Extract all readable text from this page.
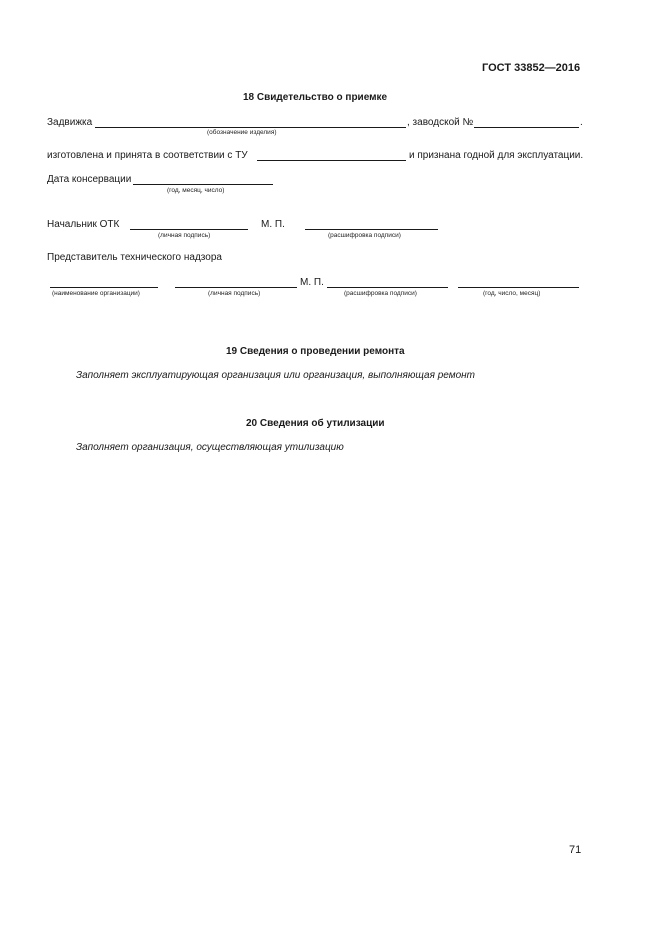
ГОСТ 33852—2016
18 Свидетельство о приемке
Задвижка	, заводской №	.
(обозначение изделия)
изготовлена и принята в соответствии с ТУ	и признана годной для эксплуатации.
Дата консервации
(год, месяц, число)
Начальник ОТК	М. П.
(личная подпись)	(расшифровка подписи)
Представитель технического надзора
М. П.
(наименование организации)	(личная подпись)	(расшифровка подписи)	(год, число, месяц)
19 Сведения о проведении ремонта
Заполняет эксплуатирующая организация или организация, выполняющая ремонт
20 Сведения об утилизации
Заполняет организация, осуществляющая утилизацию
71
